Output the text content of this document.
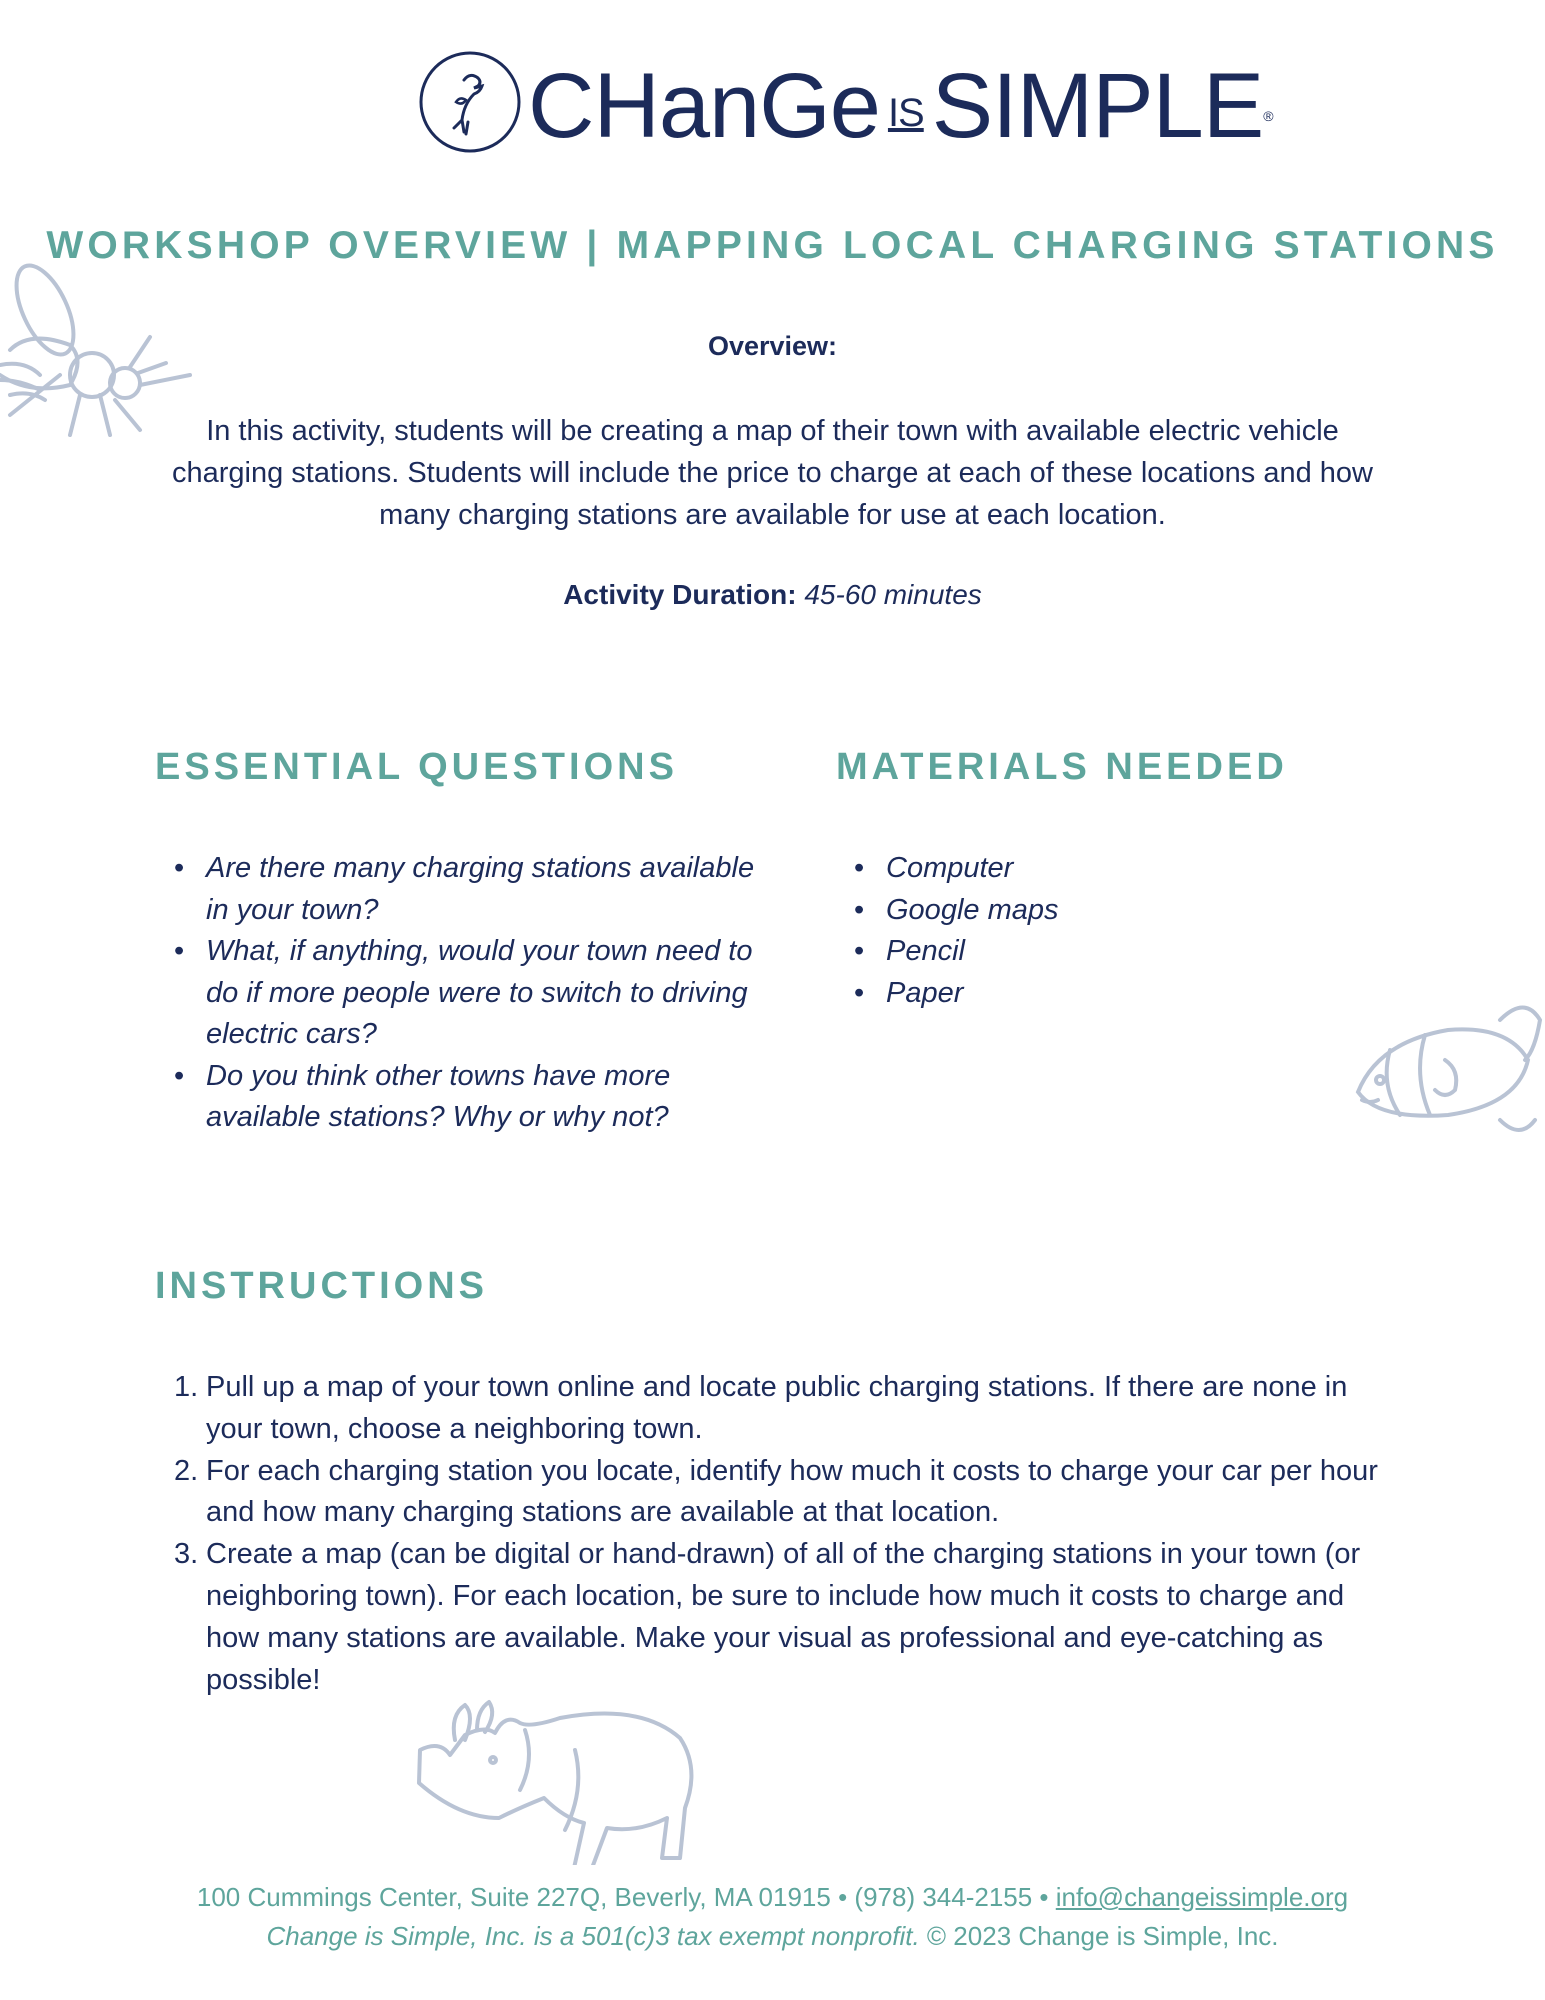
CHanGe ISSIMPLE®
WORKSHOP OVERVIEW | MAPPING LOCAL CHARGING STATIONS
Overview:
In this activity, students will be creating a map of their town with available electric vehicle charging stations. Students will include the price to charge at each of these locations and how many charging stations are available for use at each location.
Activity Duration: 45-60 minutes
ESSENTIAL QUESTIONS
• Are there many charging stations available in your town?
• What, if anything, would your town need to do if more people were to switch to driving electric cars?
• Do you think other towns have more available stations? Why or why not?
MATERIALS NEEDED
• Computer
• Google maps
• Pencil
• Paper
INSTRUCTIONS
1. Pull up a map of your town online and locate public charging stations. If there are none in your town, choose a neighboring town.
2. For each charging station you locate, identify how much it costs to charge your car per hour and how many charging stations are available at that location.
3. Create a map (can be digital or hand-drawn) of all of the charging stations in your town (or neighboring town). For each location, be sure to include how much it costs to charge and how many stations are available. Make your visual as professional and eye-catching as possible!
100 Cummings Center, Suite 227Q, Beverly, MA 01915 • (978) 344-2155 • info@changeissimple.org
Change is Simple, Inc. is a 501(c)3 tax exempt nonprofit. © 2023 Change is Simple, Inc.
